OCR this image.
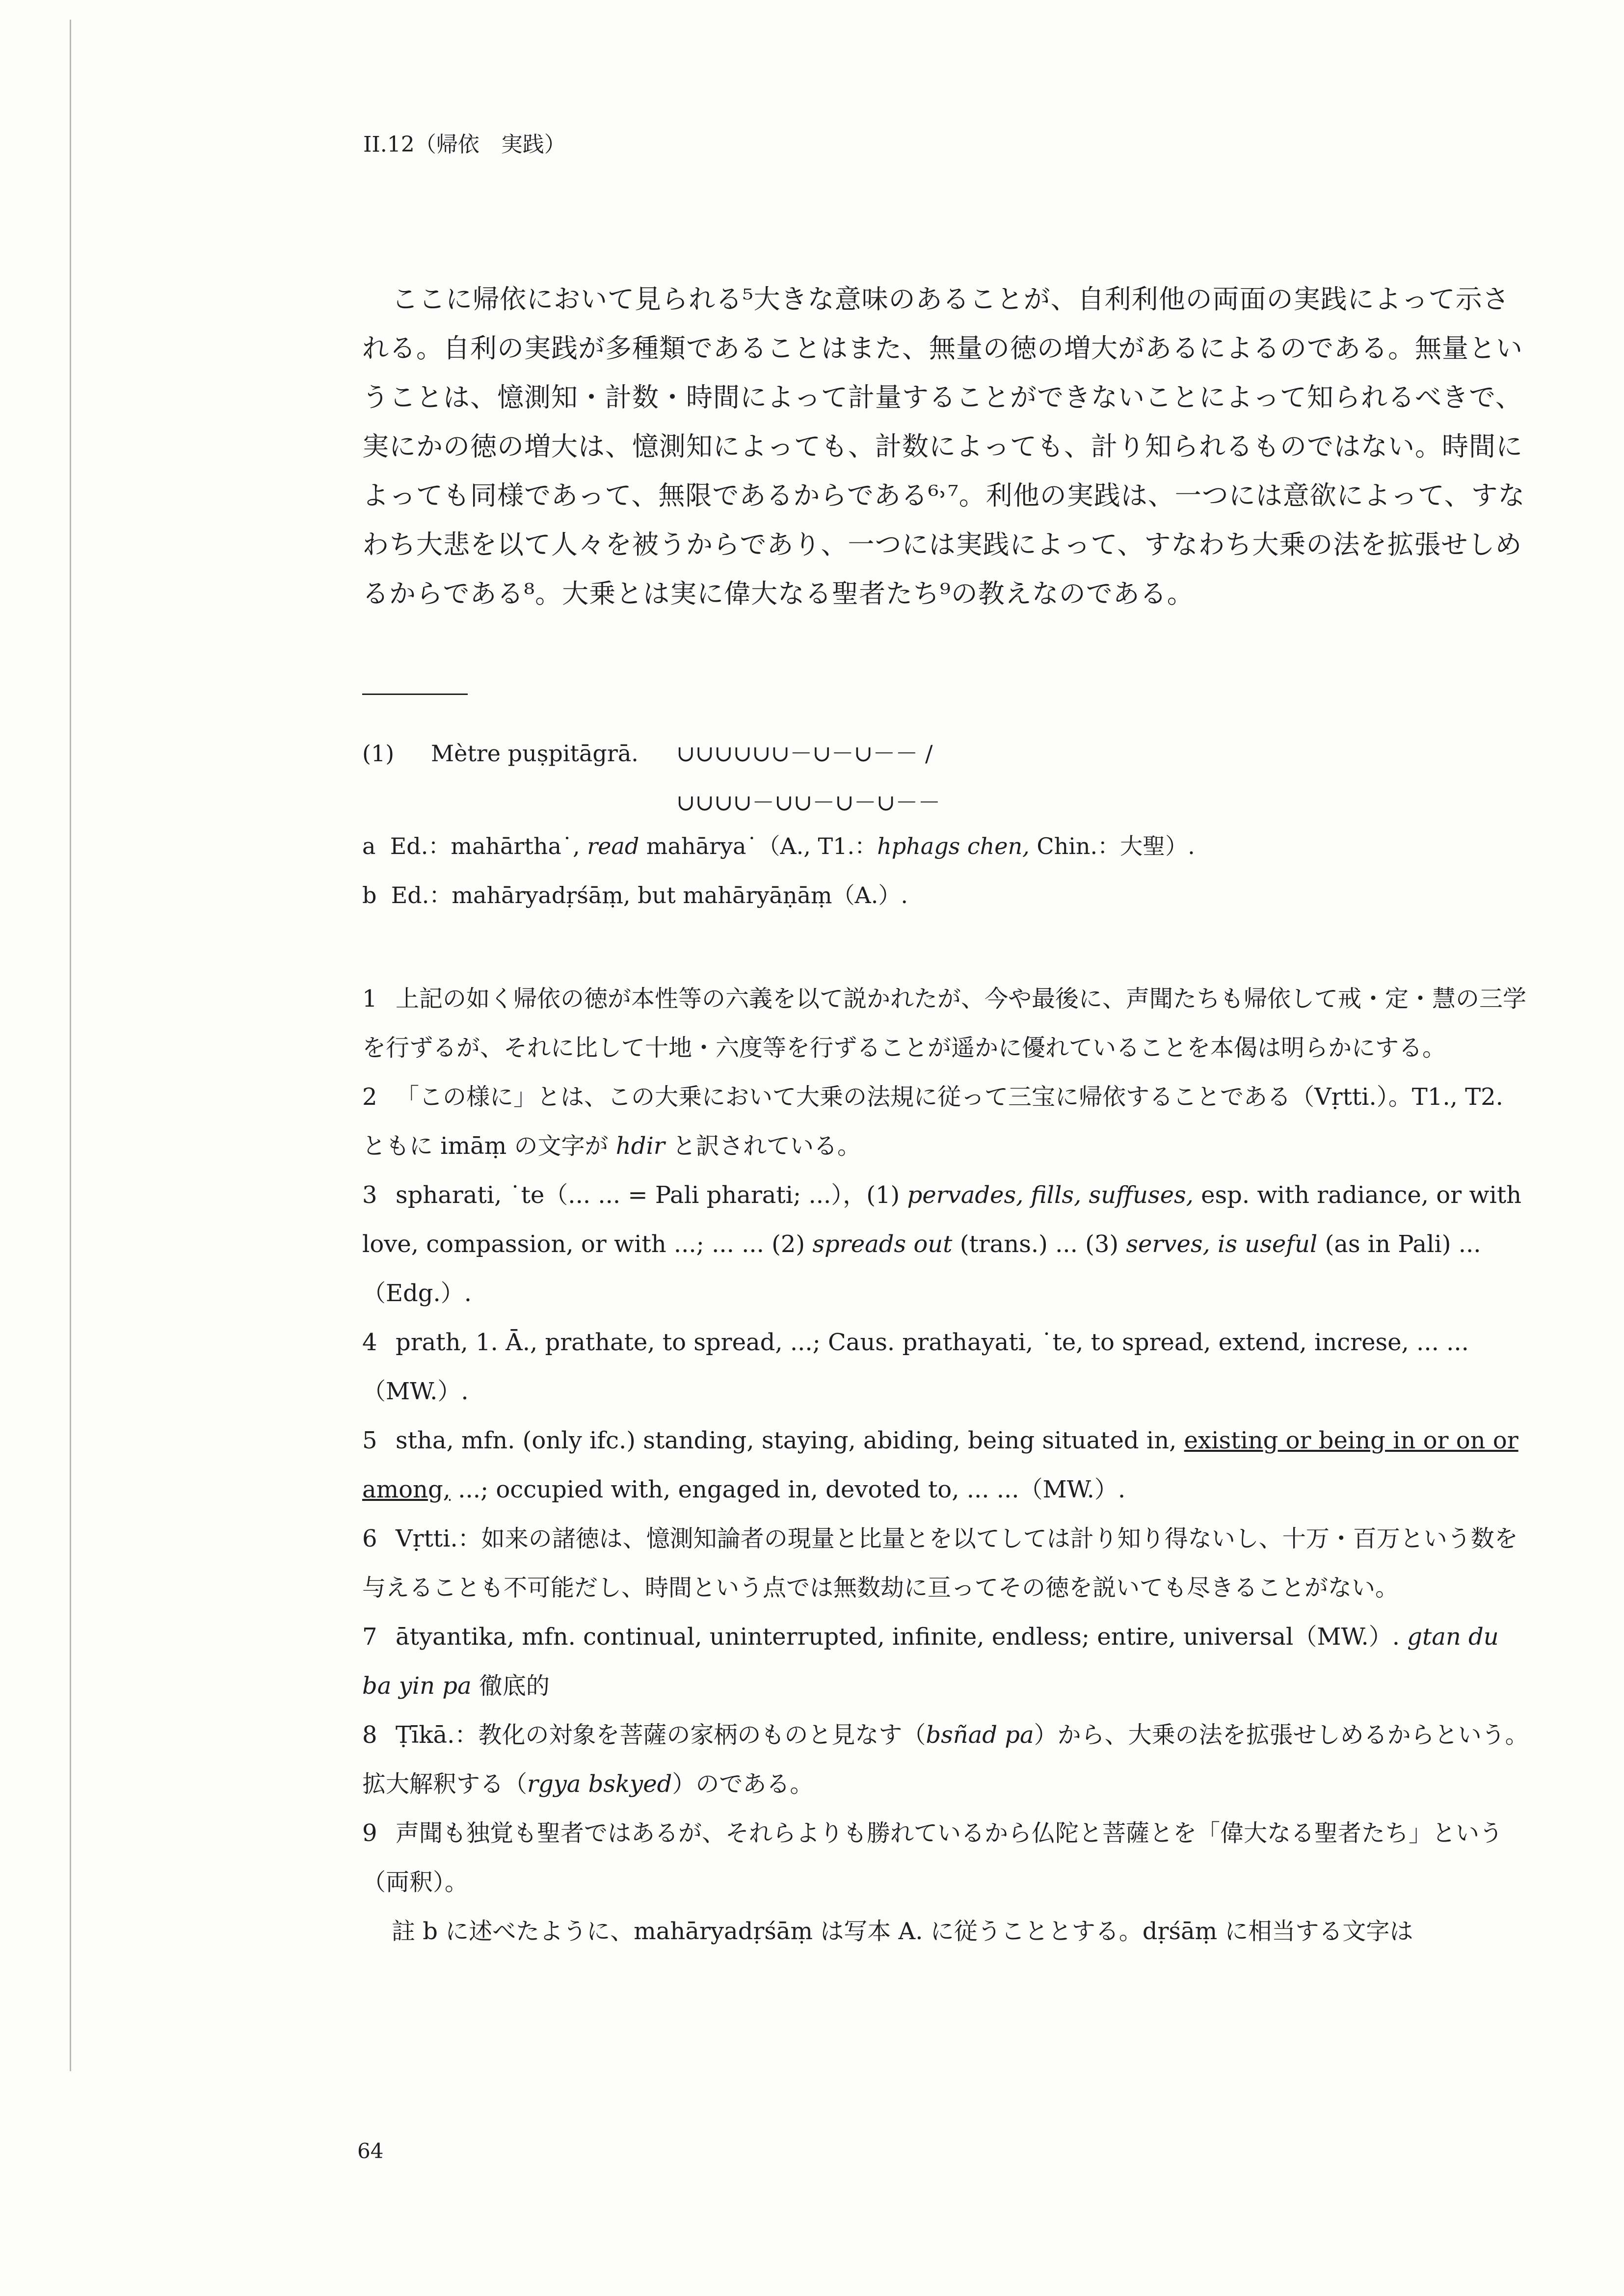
II.12（帰依　実践）

ここに帰依において見られる⁵大きな意味のあることが、自利利他の両面の実践によって示される。自利の実践が多種類であることはまた、無量の徳の増大があるによるのである。無量ということは、憶測知・計数・時間によって計量することができないことによって知られるべきで、実にかの徳の増大は、憶測知によっても、計数によっても、計り知られるものではない。時間によっても同様であって、無限であるからである⁶˒⁷。利他の実践は、一つには意欲によって、すなわち大悲を以て人々を被うからであり、一つには実践によって、すなわち大乗の法を拡張せしめるからである⁸。大乗とは実に偉大なる聖者たち⁹の教えなのである。

(1) Mètre puṣpitāgrā. ∪∪∪∪∪∪－∪－∪－－ /
∪∪∪∪－∪∪－∪－∪－－
a Ed.：mahārtha˙, read mahārya˙（A., T1.：hphags chen, Chin.：大聖）.
b Ed.：mahāryadṛśāṃ, but mahāryāṇāṃ（A.）.

1 上記の如く帰依の徳が本性等の六義を以て説かれたが、今や最後に、声聞たちも帰依して戒・定・慧の三学を行ずるが、それに比して十地・六度等を行ずることが遥かに優れていることを本偈は明らかにする。

2 「この様に」とは、この大乗において大乗の法規に従って三宝に帰依することである（Vṛtti.）。T1., T2. ともに imāṃ の文字が hdir と訳されている。

3 spharati, ˙te（... ... = Pali pharati; ...），(1) pervades, fills, suffuses, esp. with radiance, or with love, compassion, or with ...; ... ... (2) spreads out (trans.) ... (3) serves, is useful (as in Pali) ...（Edg.）.

4 prath, 1. Ā., prathate, to spread, ...; Caus. prathayati, ˙te, to spread, extend, increse, ... ...（MW.）.

5 stha, mfn. (only ifc.) standing, staying, abiding, being situated in, existing or being in or on or among, ...; occupied with, engaged in, devoted to, ... ...（MW.）.

6 Vṛtti.：如来の諸徳は、憶測知論者の現量と比量とを以てしては計り知り得ないし、十万・百万という数を与えることも不可能だし、時間という点では無数劫に亘ってその徳を説いても尽きることがない。

7 ātyantika, mfn. continual, uninterrupted, infinite, endless; entire, universal（MW.）. gtan du ba yin pa 徹底的

8 Ṭīkā.：教化の対象を菩薩の家柄のものと見なす（bsñad pa）から、大乗の法を拡張せしめるからという。拡大解釈する（rgya bskyed）のである。

9 声聞も独覚も聖者ではあるが、それらよりも勝れているから仏陀と菩薩とを「偉大なる聖者たち」という（両釈）。

註 b に述べたように、mahāryadṛśāṃ は写本 A. に従うこととする。dṛśāṃ に相当する文字は

64
